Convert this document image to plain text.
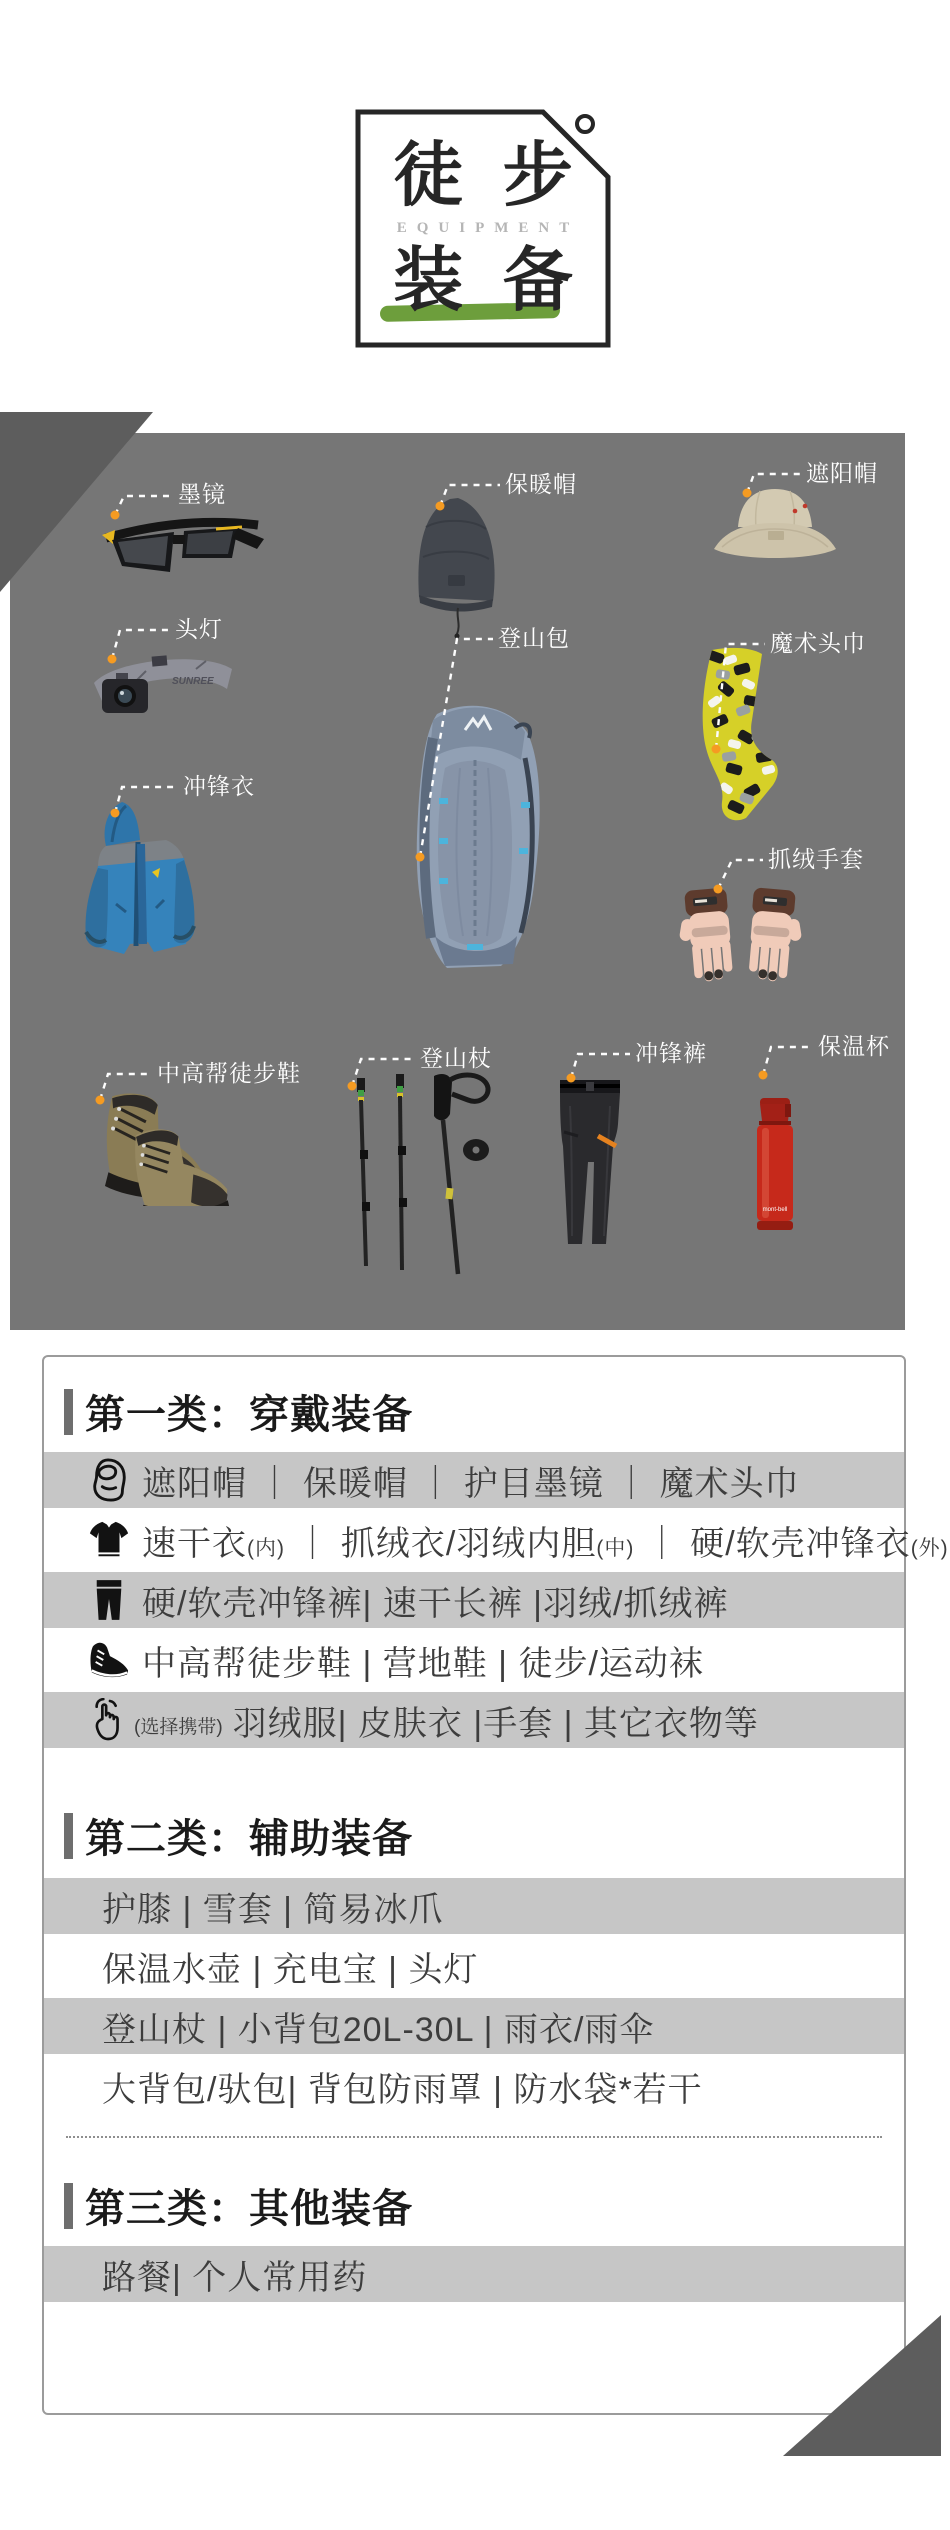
徒 步
EQUIPMENT
装 备
墨镜	保暖帽	遮阳帽
头灯	登山包	魔术头巾
冲锋衣
抓绒手套
中高帮徒步鞋
登山杖	冲锋裤	保温杯
SUNREE
mont-bell
第一类：穿戴装备
遮阳帽 ｜ 保暖帽 ｜ 护目墨镜 ｜ 魔术头巾
速干衣(内) ｜ 抓绒衣/羽绒内胆(中) ｜ 硬/软壳冲锋衣(外)
硬/软壳冲锋裤| 速干长裤 |羽绒/抓绒裤
中高帮徒步鞋 | 营地鞋 | 徒步/运动袜
(选择携带) 羽绒服| 皮肤衣 |手套 | 其它衣物等
第二类：辅助装备
护膝 | 雪套 | 简易冰爪
保温水壶 | 充电宝 | 头灯
登山杖 | 小背包20L-30L | 雨衣/雨伞
大背包/驮包| 背包防雨罩 | 防水袋*若干
第三类：其他装备
路餐| 个人常用药
